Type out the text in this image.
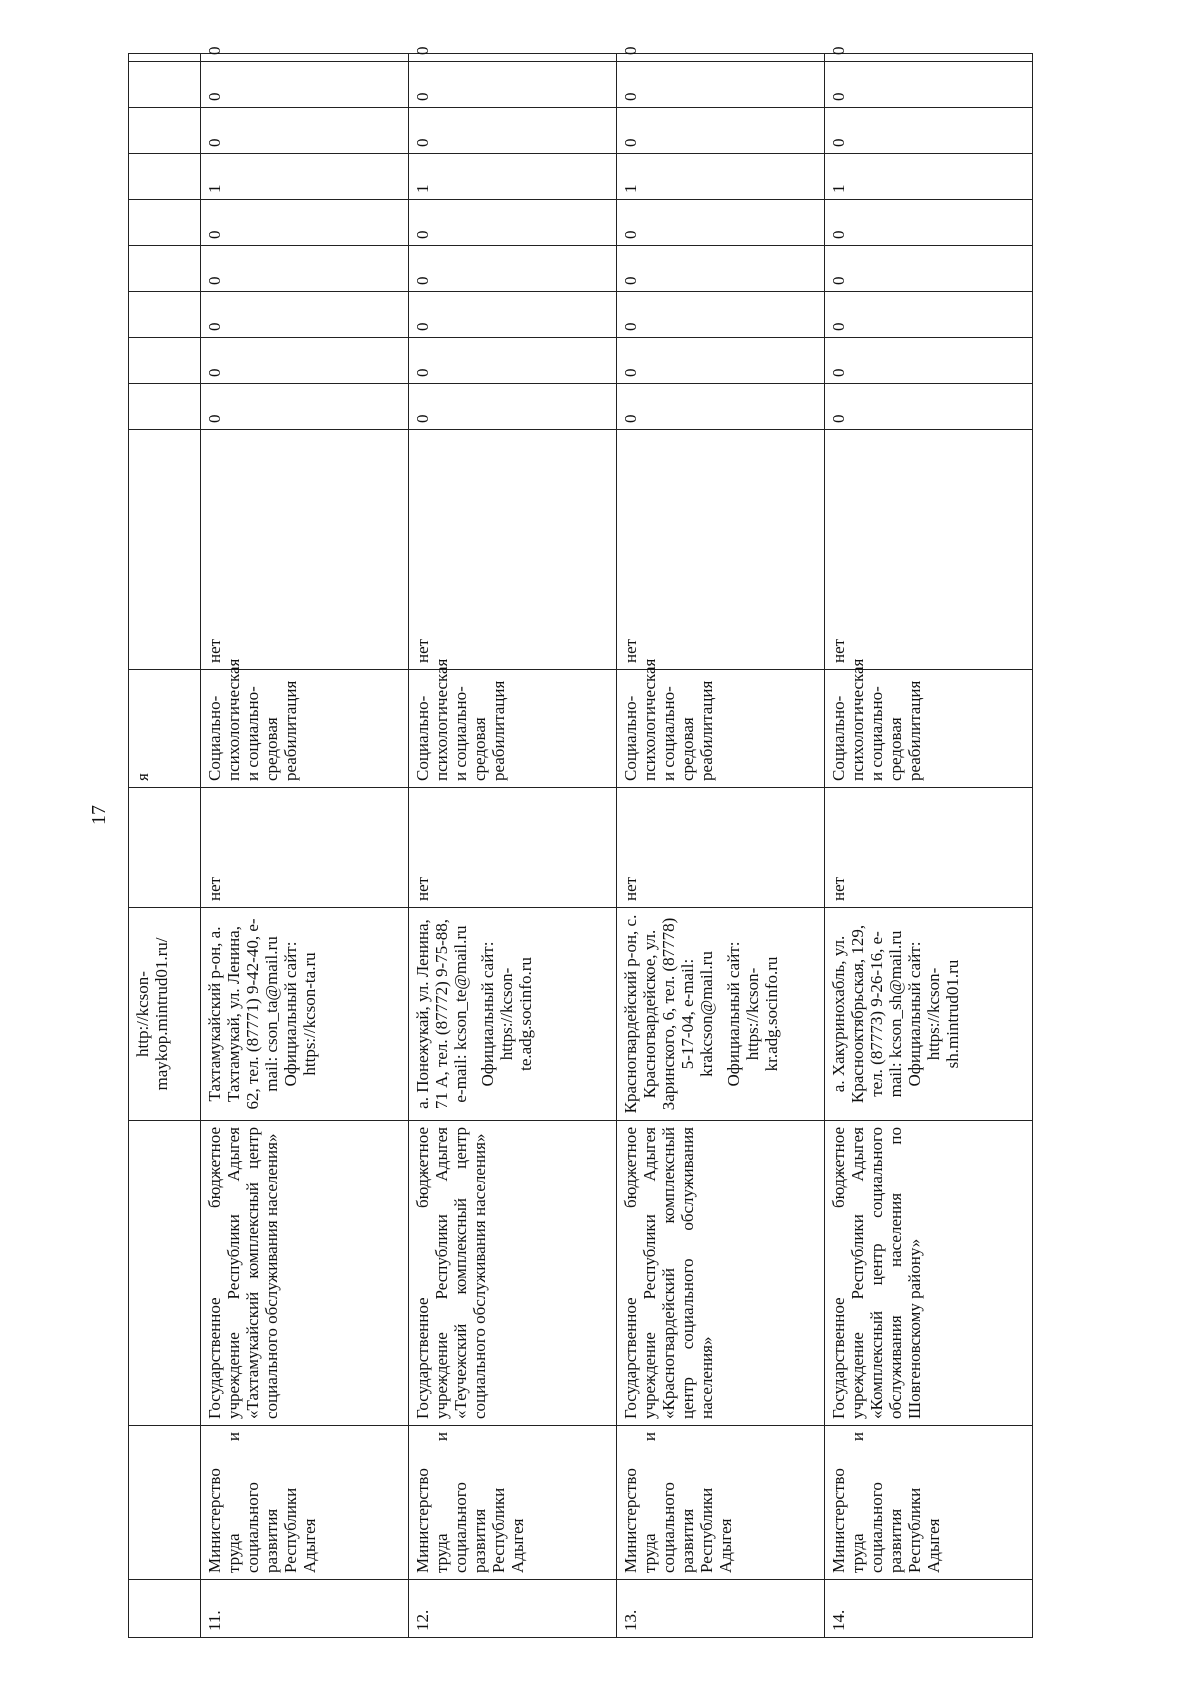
17
			http://kcson-maykop.mintrud01.ru/		я										
11.	Министерство труда и социального развития Республики Адыгея	Государственное бюджетное учреждение Республики Адыгея «Тахтамукайский комплексный центр социального обслуживания населения»	Тахтамукайский р-он, а. Тахтамукай, ул. Ленина, 62, тел. (87771) 9-42-40, e-mail: cson_ta@mail.ru Официальный сайт: https://kcson-ta.ru	нет	Социально-психологическая и социально-средовая реабилитация	нет	0	0	0	0	0	1	0	0	0
12.	Министерство труда и социального развития Республики Адыгея	Государственное бюджетное учреждение Республики Адыгея «Теучежский комплексный центр социального обслуживания населения»	а. Понежукай, ул. Ленина, 71 А, тел. (87772) 9-75-88, e-mail: kcson_te@mail.ru Официальный сайт: https://kcson-te.adg.socinfo.ru	нет	Социально-психологическая и социально-средовая реабилитация	нет	0	0	0	0	0	1	0	0	0
13.	Министерство труда и социального развития Республики Адыгея	Государственное бюджетное учреждение Республики Адыгея «Красногвардейский комплексный центр социального обслуживания населения»	Красногвардейский р-он, с. Красногвардейское, ул. Заринского, 6, тел. (87778) 5-17-04, e-mail: krakcson@mail.ru Официальный сайт: https://kcson-kr.adg.socinfo.ru	нет	Социально-психологическая и социально-средовая реабилитация	нет	0	0	0	0	0	1	0	0	0
14.	Министерство труда и социального развития Республики Адыгея	Государственное бюджетное учреждение Республики Адыгея «Комплексный центр социального обслуживания населения по Шовгеновскому району»	а. Хакуринохабль, ул. Краснооктябрьская, 129, тел. (87773) 9-26-16, e-mail: kcson_sh@mail.ru Официальный сайт: https://kcson-sh.mintrud01.ru	нет	Социально-психологическая и социально-средовая реабилитация	нет	0	0	0	0	0	1	0	0	0
